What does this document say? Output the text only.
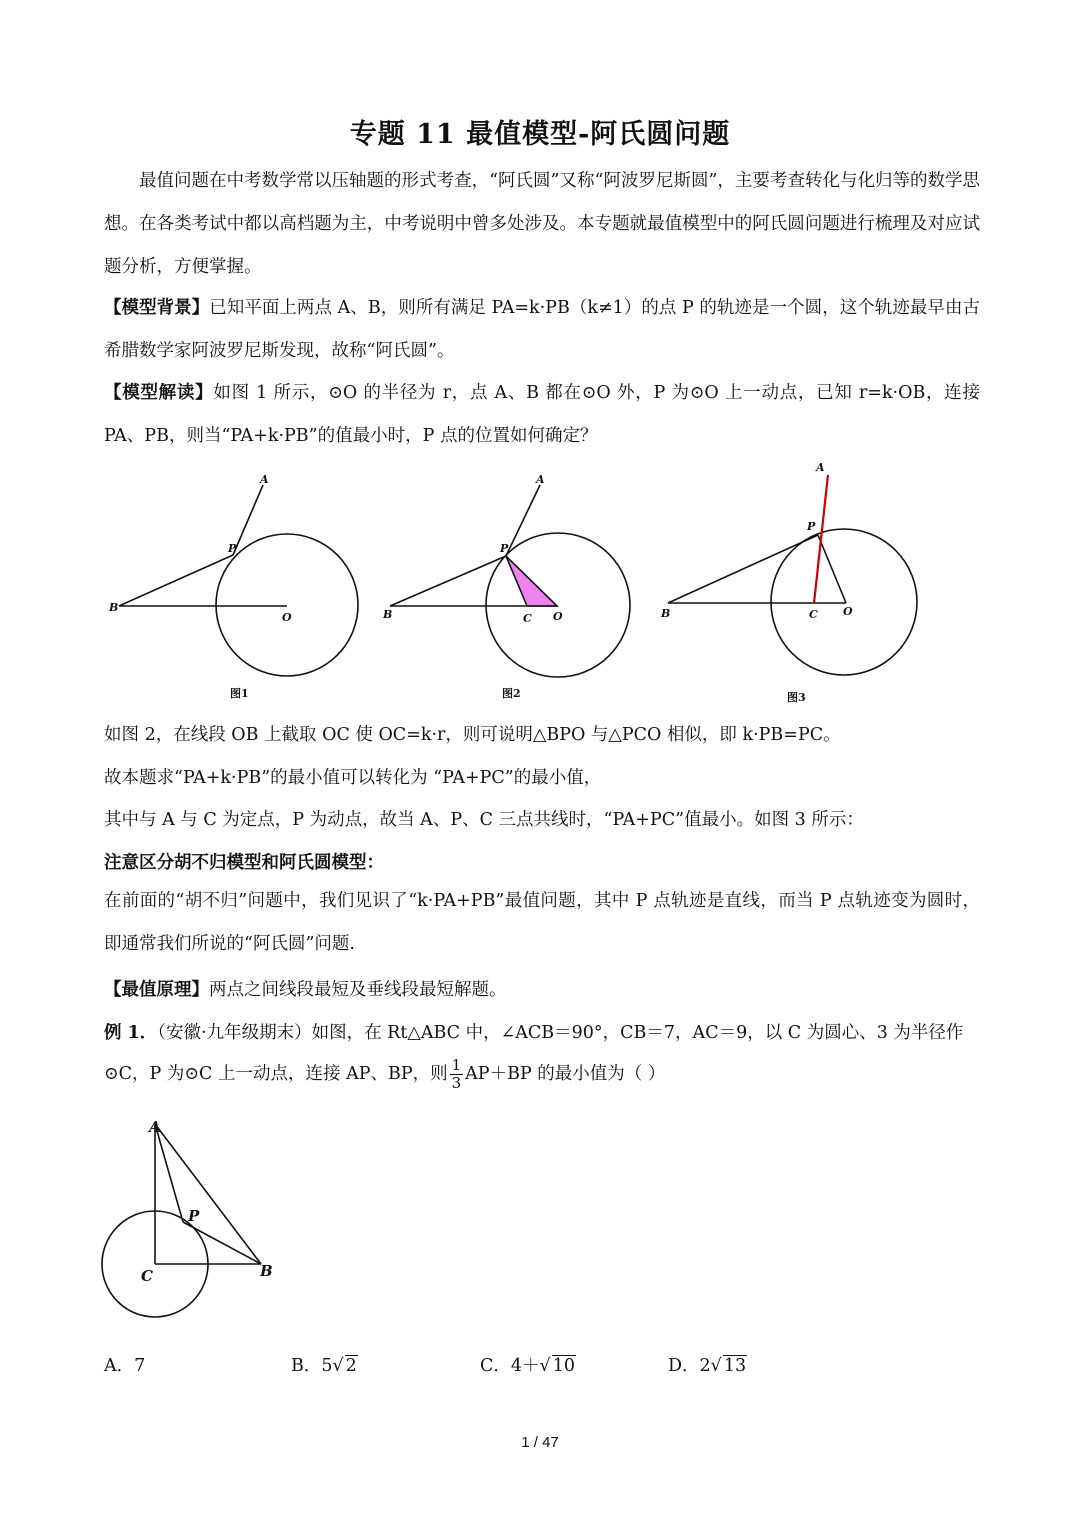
专题 11 最值模型-阿氏圆问题
最值问题在中考数学常以压轴题的形式考查，“阿氏圆”又称“阿波罗尼斯圆”，主要考查转化与化归等的数学思想。在各类考试中都以高档题为主，中考说明中曾多处涉及。本专题就最值模型中的阿氏圆问题进行梳理及对应试题分析，方便掌握。
【模型背景】已知平面上两点 A、B，则所有满足 PA=k·PB（k≠1）的点 P 的轨迹是一个圆，这个轨迹最早由古希腊数学家阿波罗尼斯发现，故称“阿氏圆”。
【模型解读】如图 1 所示，⊙O 的半径为 r，点 A、B 都在⊙O 外，P 为⊙O 上一动点，已知 r=k·OB，连接 PA、PB，则当“PA+k·PB”的值最小时，P 点的位置如何确定？
A
P
B
O
A
P
B	C O
A
P
B	C O
图1	图2	图3
如图 2，在线段 OB 上截取 OC 使 OC=k·r，则可说明△BPO 与△PCO 相似，即 k·PB=PC。
故本题求“PA+k·PB”的最小值可以转化为 “PA+PC”的最小值，
其中与 A 与 C 为定点，P 为动点，故当 A、P、C 三点共线时，“PA+PC”值最小。如图 3 所示：
注意区分胡不归模型和阿氏圆模型：
在前面的“胡不归”问题中，我们见识了“k·PA+PB”最值问题，其中 P 点轨迹是直线，而当 P 点轨迹变为圆时，即通常我们所说的“阿氏圆”问题.
【最值原理】两点之间线段最短及垂线段最短解题。
例 1．（安徽·九年级期末）如图，在 Rt△ABC 中，∠ACB＝90°，CB＝7，AC＝9，以 C 为圆心、3 为半径作
⊙C，P 为⊙C 上一动点，连接 AP、BP，则 $\frac{1}{3} AP+BP$ 的最小值为（ ）
A
P
C	B
A．7	B．5√ 2	C．4＋√ 10	D．2√ 13
1 / 47
